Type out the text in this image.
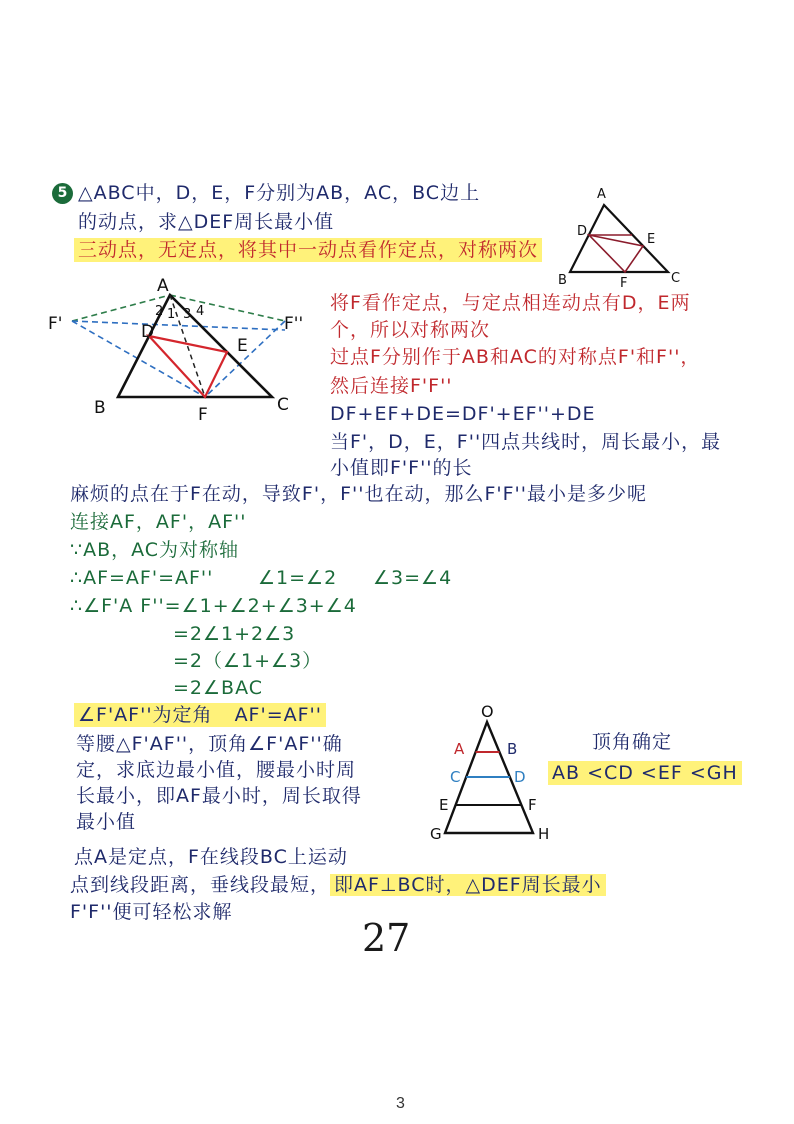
A
B	C
D
E
F
A
F'	F''
D
E
B	F	C
2 1 3 4
O
A	B
C	D
E	F
G	H
5 △ABC中，D，E，F分别为AB，AC，BC边上
的动点，求△DEF周长最小值
三动点，无定点，将其中一动点看作定点，对称两次
将F看作定点，与定点相连动点有D，E两
个，所以对称两次
过点F分别作于AB和AC的对称点F'和F''，
然后连接F'F''
DF+EF+DE=DF'+EF''+DE
当F'，D，E，F''四点共线时，周长最小，最
小值即F'F''的长
麻烦的点在于F在动，导致F'，F''也在动，那么F'F''最小是多少呢
连接AF，AF'，AF''
∵AB，AC为对称轴
∴AF=AF'=AF'' ∠1=∠2 ∠3=∠4
∴∠F'A F''=∠1+∠2+∠3+∠4
=2∠1+2∠3
=2（∠1+∠3）
=2∠BAC
∠F'AF''为定角 AF'=AF''
等腰△F'AF''，顶角∠F'AF''确
定，求底边最小值，腰最小时周
长最小，即AF最小时，周长取得
最小值
顶角确定
AB <CD <EF <GH
点A是定点，F在线段BC上运动
点到线段距离，垂线段最短， 即AF⊥BC时，△DEF周长最小
F'F''便可轻松求解
27
3
